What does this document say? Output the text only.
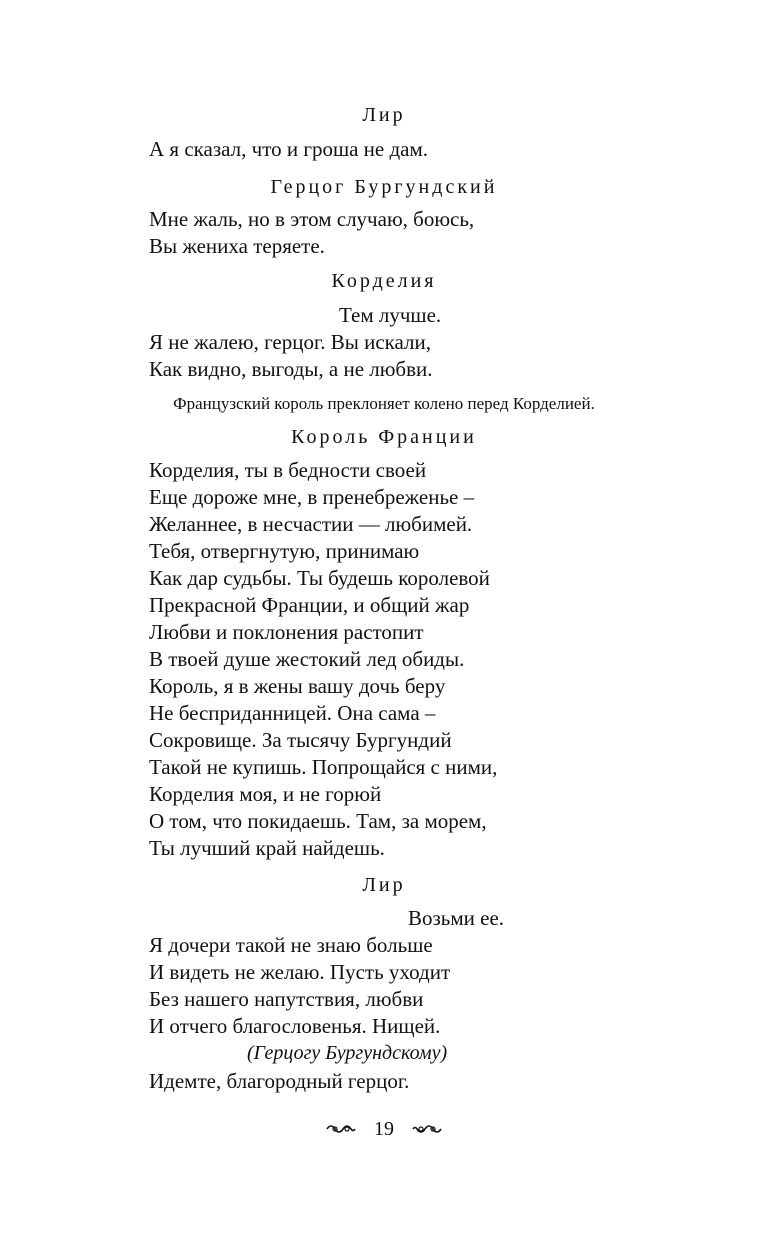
Лир
А я сказал, что и гроша не дам.
Герцог Бургундский
Мне жаль, но в этом случаю, боюсь,
Вы жениха теряете.
Корделия
Тем лучше.
Я не жалею, герцог. Вы искали,
Как видно, выгоды, а не любви.
Французский король преклоняет колено перед Корделией.
Король Франции
Корделия, ты в бедности своей
Еще дороже мне, в пренебреженье –
Желаннее, в несчастии — любимей.
Тебя, отвергнутую, принимаю
Как дар судьбы. Ты будешь королевой
Прекрасной Франции, и общий жар
Любви и поклонения растопит
В твоей душе жестокий лед обиды.
Король, я в жены вашу дочь беру
Не бесприданницей. Она сама –
Сокровище. За тысячу Бургундий
Такой не купишь. Попрощайся с ними,
Корделия моя, и не горюй
О том, что покидаешь. Там, за морем,
Ты лучший край найдешь.
Лир
Возьми ее.
Я дочери такой не знаю больше
И видеть не желаю. Пусть уходит
Без нашего напутствия, любви
И отчего благословенья. Нищей.
(Герцогу Бургундскому)
Идемте, благородный герцог.
19
